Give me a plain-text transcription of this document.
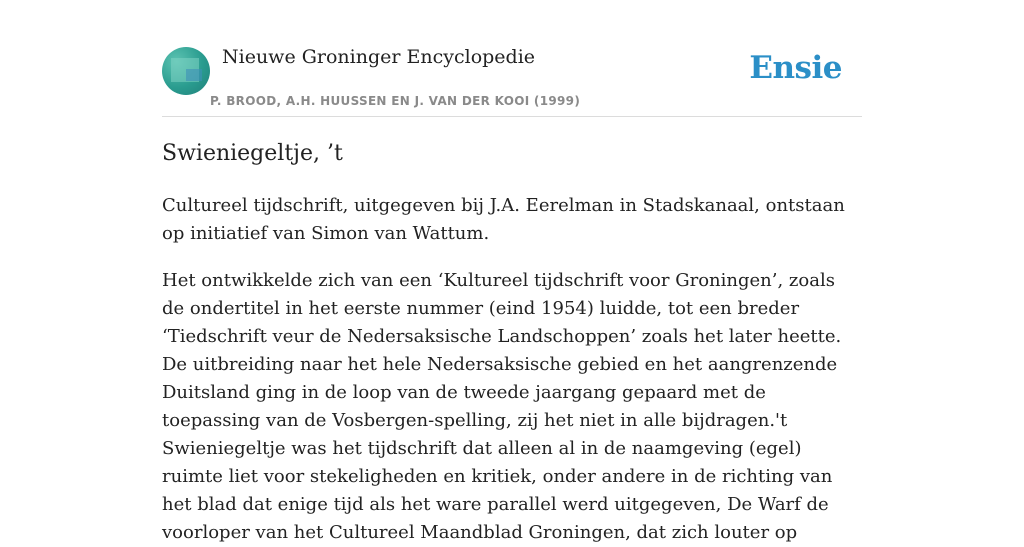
Nieuwe Groninger Encyclopedie
P. BROOD, A.H. HUUSSEN EN J. VAN DER KOOI (1999)
Ensie
Swieniegeltje, ’t

Cultureel tijdschrift, uitgegeven bij J.A. Eerelman in Stadskanaal, ontstaan op initiatief van Simon van Wattum.

Het ontwikkelde zich van een ‘Kultureel tijdschrift voor Groningen’, zoals de ondertitel in het eerste nummer (eind 1954) luidde, tot een breder ‘Tiedschrift veur de Nedersaksische Landschoppen’ zoals het later heette. De uitbreiding naar het hele Nedersaksische gebied en het aangrenzende Duitsland ging in de loop van de tweede jaargang gepaard met de toepassing van de Vosbergen-spelling, zij het niet in alle bijdragen.'t Swieniegeltje was het tijdschrift dat alleen al in de naamgeving (egel) ruimte liet voor stekeligheden en kritiek, onder andere in de richting van het blad dat enige tijd als het ware parallel werd uitgegeven, De Warf de voorloper van het Cultureel Maandblad Groningen, dat zich louter op
